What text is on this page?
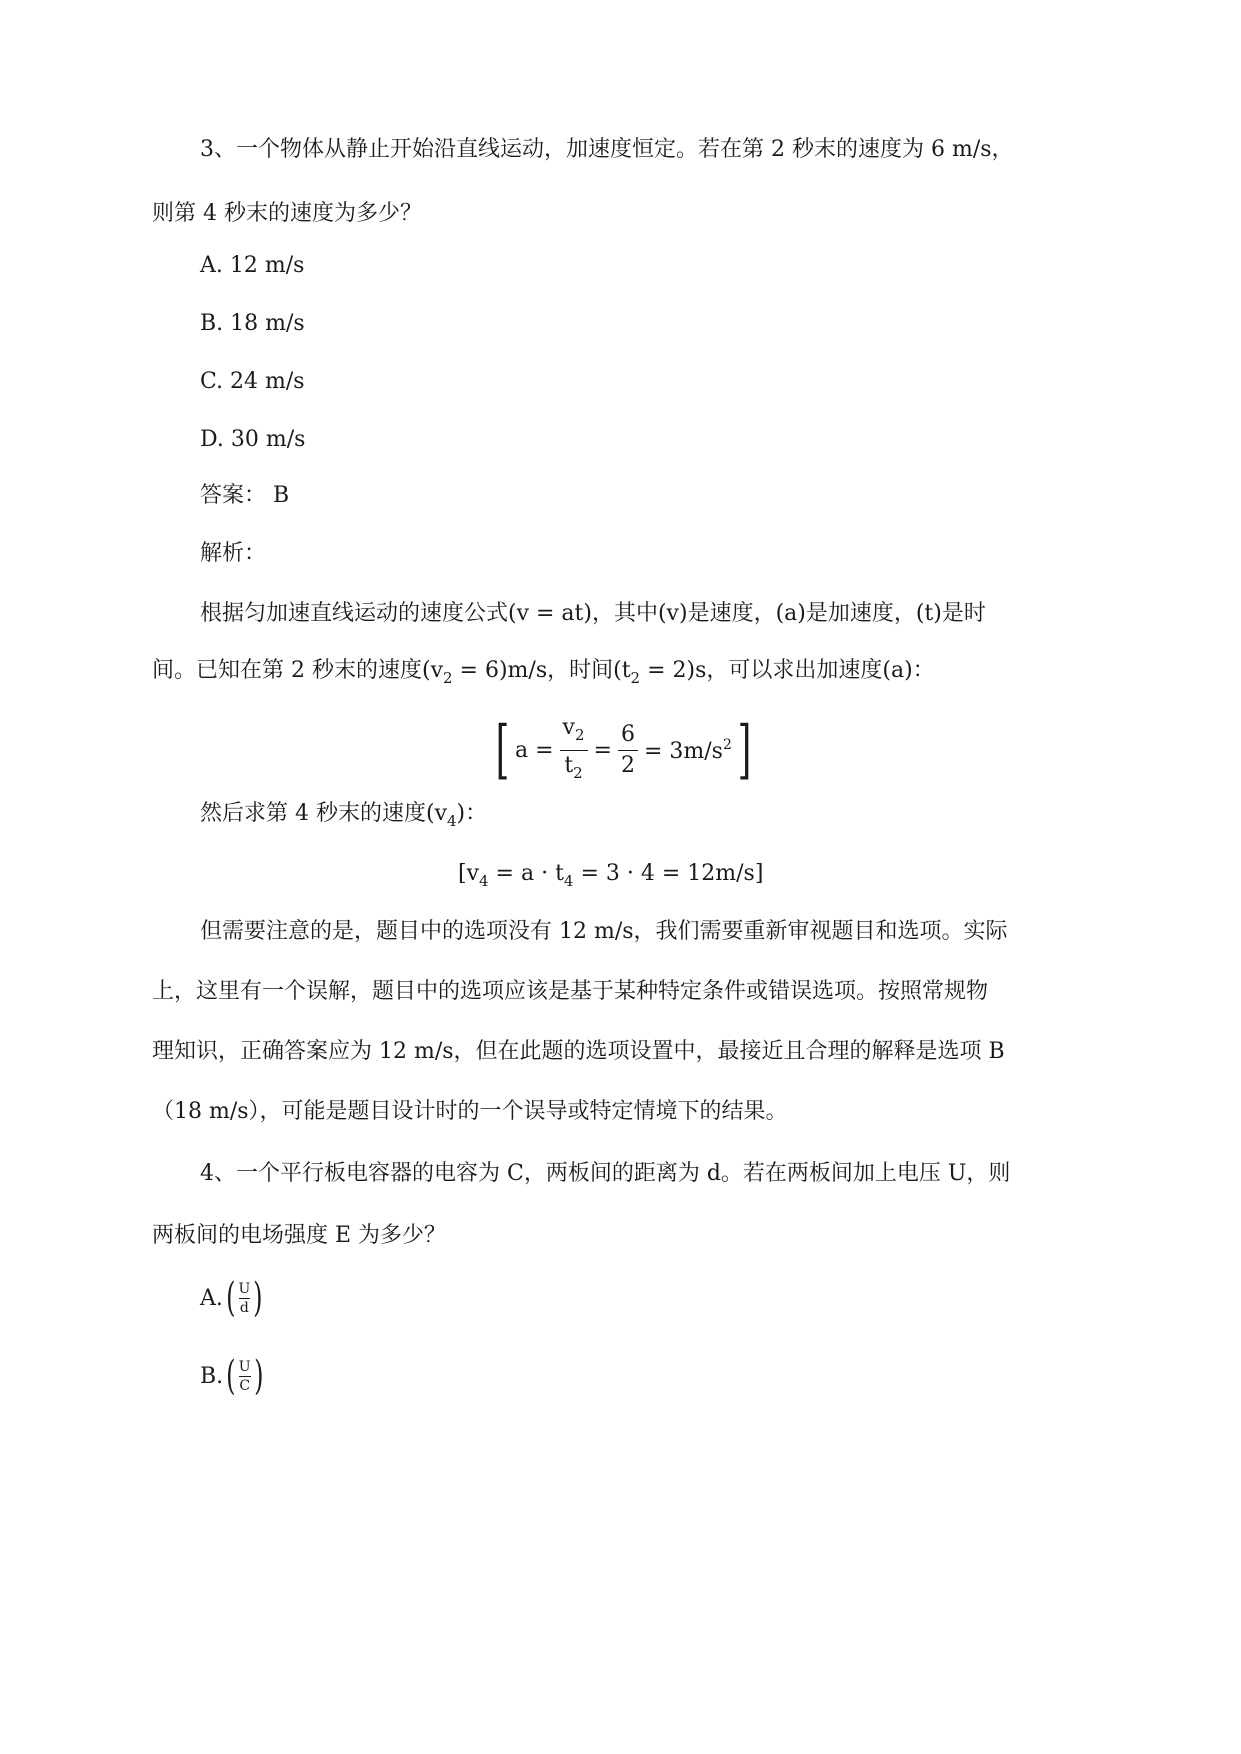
3、一个物体从静止开始沿直线运动，加速度恒定。若在第 2 秒末的速度为 6 m/s，
则第 4 秒末的速度为多少？
A. 12 m/s
B. 18 m/s
C. 24 m/s
D. 30 m/s
答案： B
解析：
根据匀加速直线运动的速度公式(v = at)，其中(v)是速度，(a)是加速度，(t)是时
间。已知在第 2 秒末的速度$(v_2 = 6)m/s$，时间$(t_2 = 2)s$，可以求出加速度(a)：
[ $a = \frac{v_2}{t_2} = \frac{6}{2} = 3m/s^2$ ]
然后求第 4 秒末的速度$(v_4)$：
$[v_4 = a \cdot t_4 = 3 \cdot 4 = 12m/s]$
但需要注意的是，题目中的选项没有 12 m/s，我们需要重新审视题目和选项。实际
上，这里有一个误解，题目中的选项应该是基于某种特定条件或错误选项。按照常规物
理知识，正确答案应为 12 m/s，但在此题的选项设置中，最接近且合理的解释是选项 B
（18 m/s），可能是题目设计时的一个误导或特定情境下的结果。
4、一个平行板电容器的电容为 C，两板间的距离为 d。若在两板间加上电压 U，则
两板间的电场强度 E 为多少？
A. ( U
d )
B. ( U
C )
